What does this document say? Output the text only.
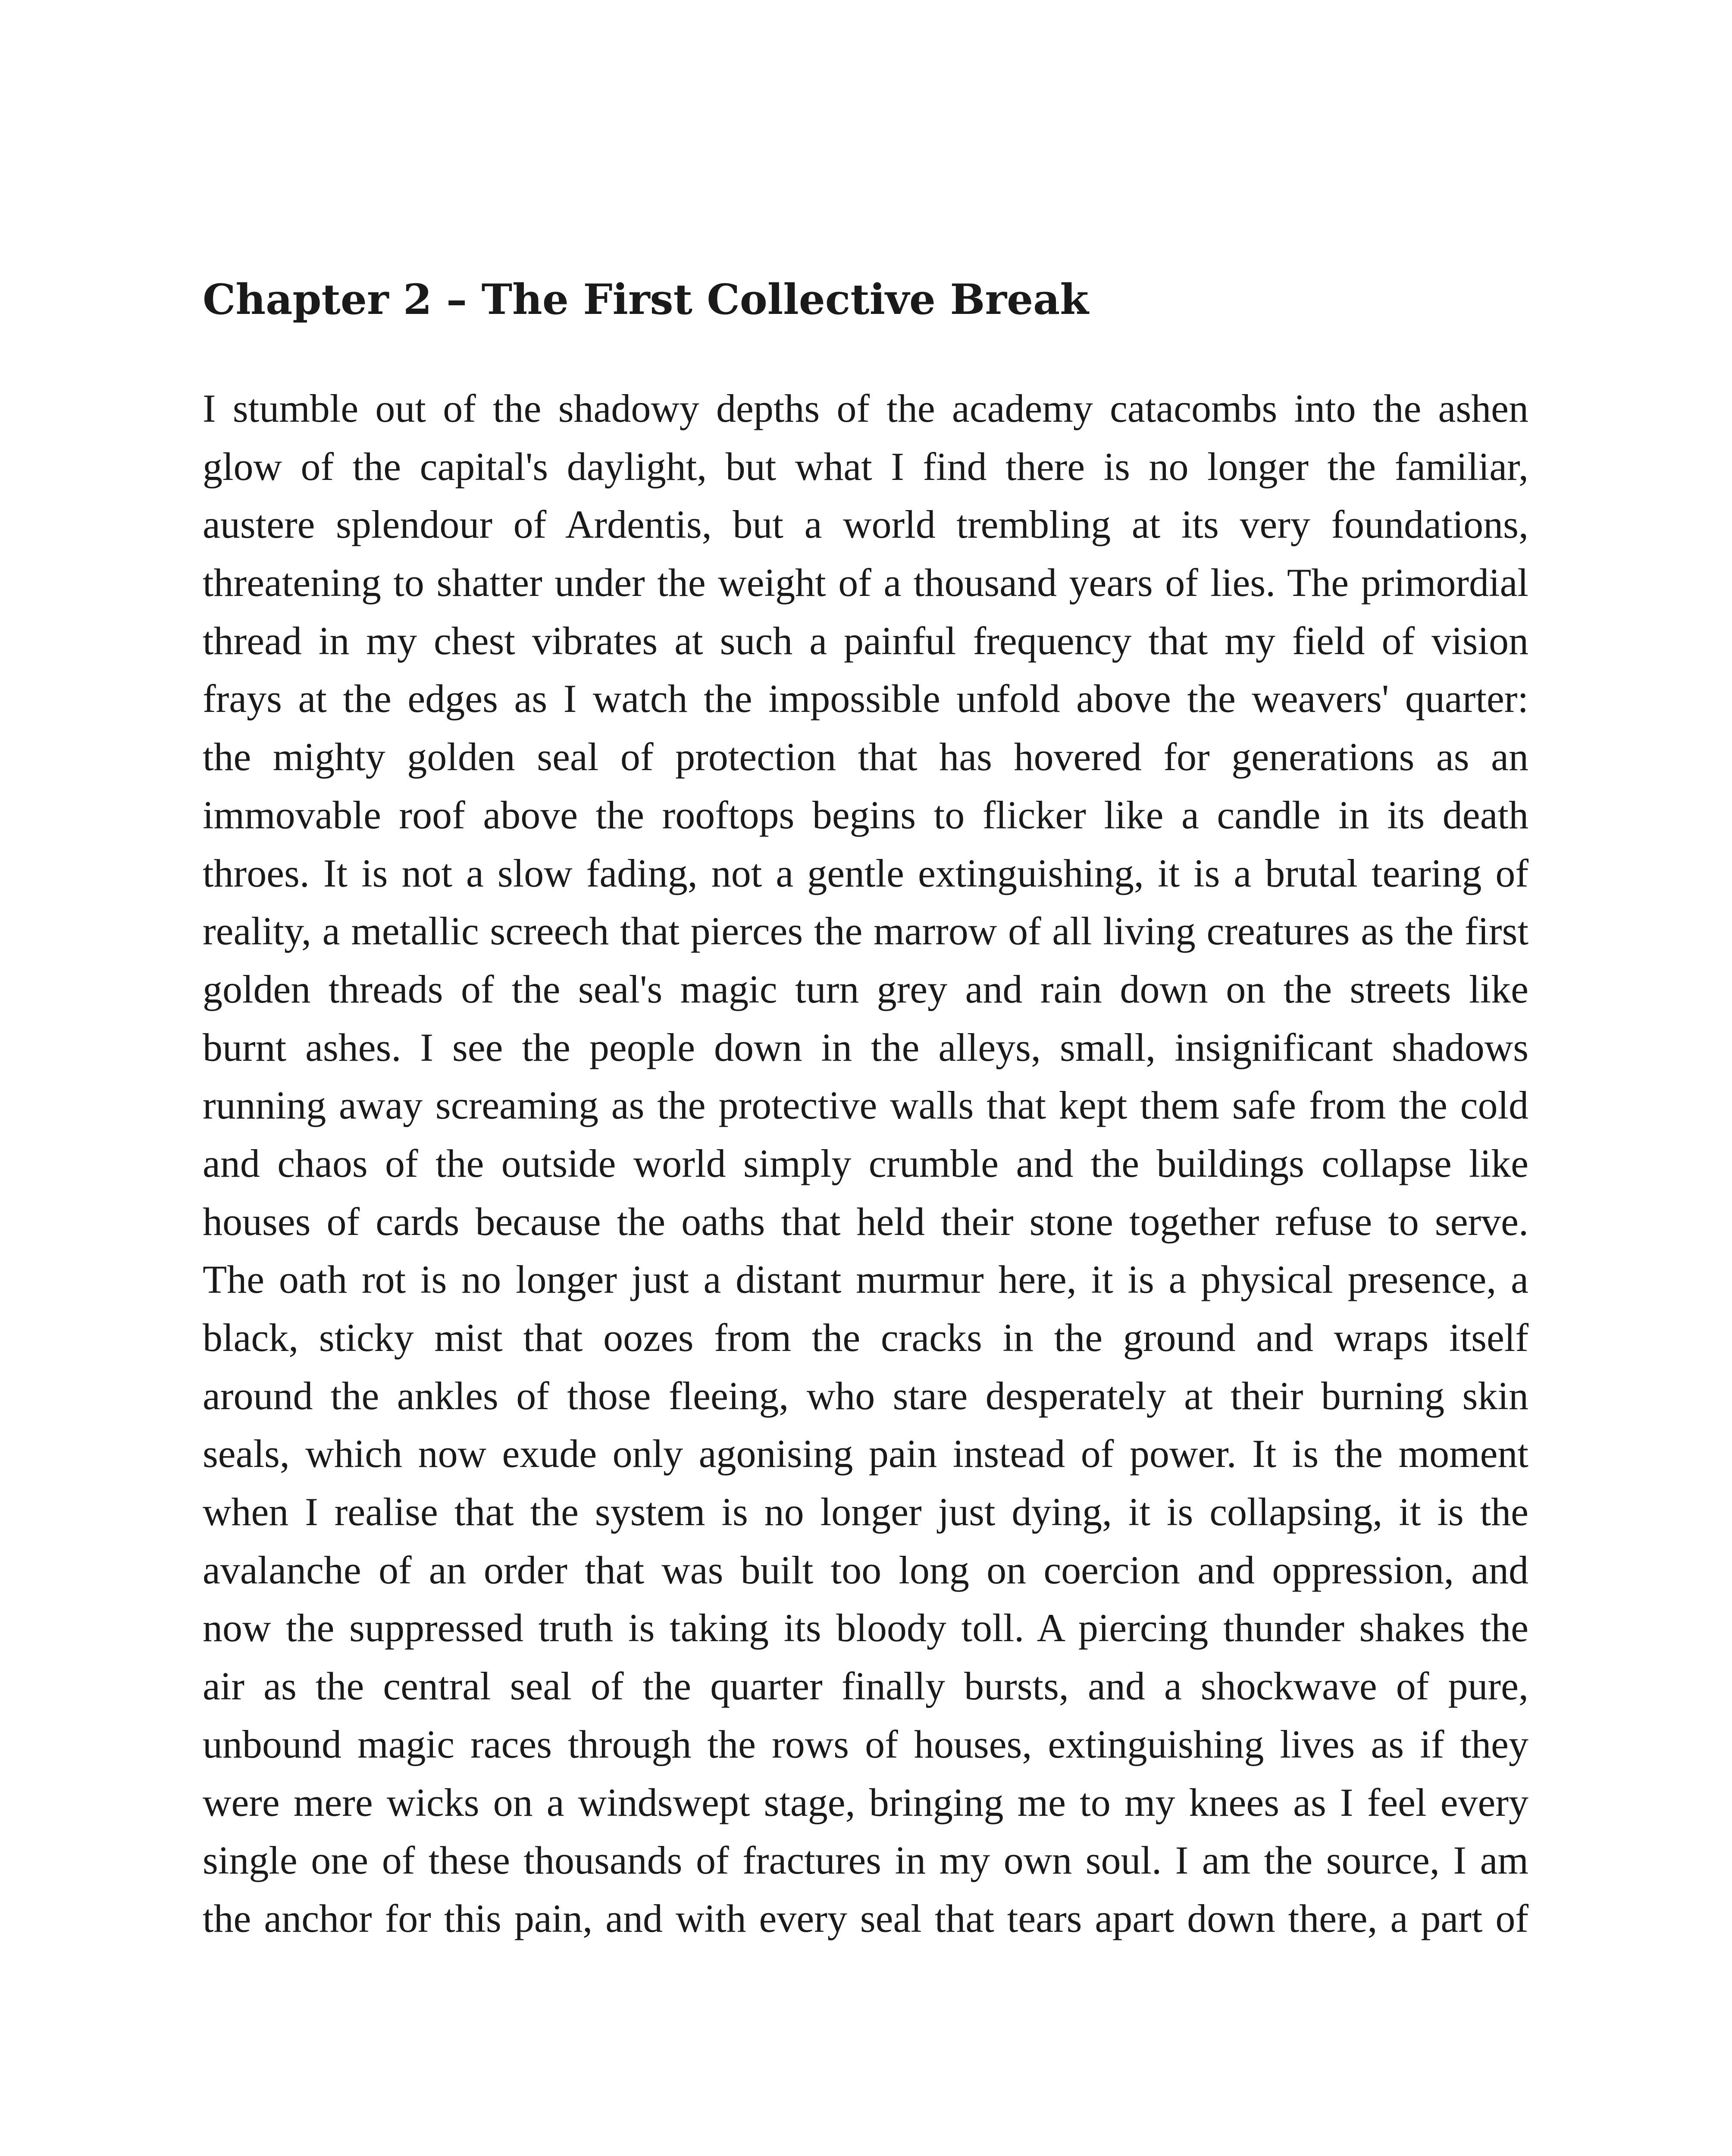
Chapter 2 – The First Collective Break
I stumble out of the shadowy depths of the academy catacombs into the ashen
glow of the capital's daylight, but what I find there is no longer the familiar,
austere splendour of Ardentis, but a world trembling at its very foundations,
threatening to shatter under the weight of a thousand years of lies. The primordial
thread in my chest vibrates at such a painful frequency that my field of vision
frays at the edges as I watch the impossible unfold above the weavers' quarter:
the mighty golden seal of protection that has hovered for generations as an
immovable roof above the rooftops begins to flicker like a candle in its death
throes. It is not a slow fading, not a gentle extinguishing, it is a brutal tearing of
reality, a metallic screech that pierces the marrow of all living creatures as the first
golden threads of the seal's magic turn grey and rain down on the streets like
burnt ashes. I see the people down in the alleys, small, insignificant shadows
running away screaming as the protective walls that kept them safe from the cold
and chaos of the outside world simply crumble and the buildings collapse like
houses of cards because the oaths that held their stone together refuse to serve.
The oath rot is no longer just a distant murmur here, it is a physical presence, a
black, sticky mist that oozes from the cracks in the ground and wraps itself
around the ankles of those fleeing, who stare desperately at their burning skin
seals, which now exude only agonising pain instead of power. It is the moment
when I realise that the system is no longer just dying, it is collapsing, it is the
avalanche of an order that was built too long on coercion and oppression, and
now the suppressed truth is taking its bloody toll. A piercing thunder shakes the
air as the central seal of the quarter finally bursts, and a shockwave of pure,
unbound magic races through the rows of houses, extinguishing lives as if they
were mere wicks on a windswept stage, bringing me to my knees as I feel every
single one of these thousands of fractures in my own soul. I am the source, I am
the anchor for this pain, and with every seal that tears apart down there, a part of
